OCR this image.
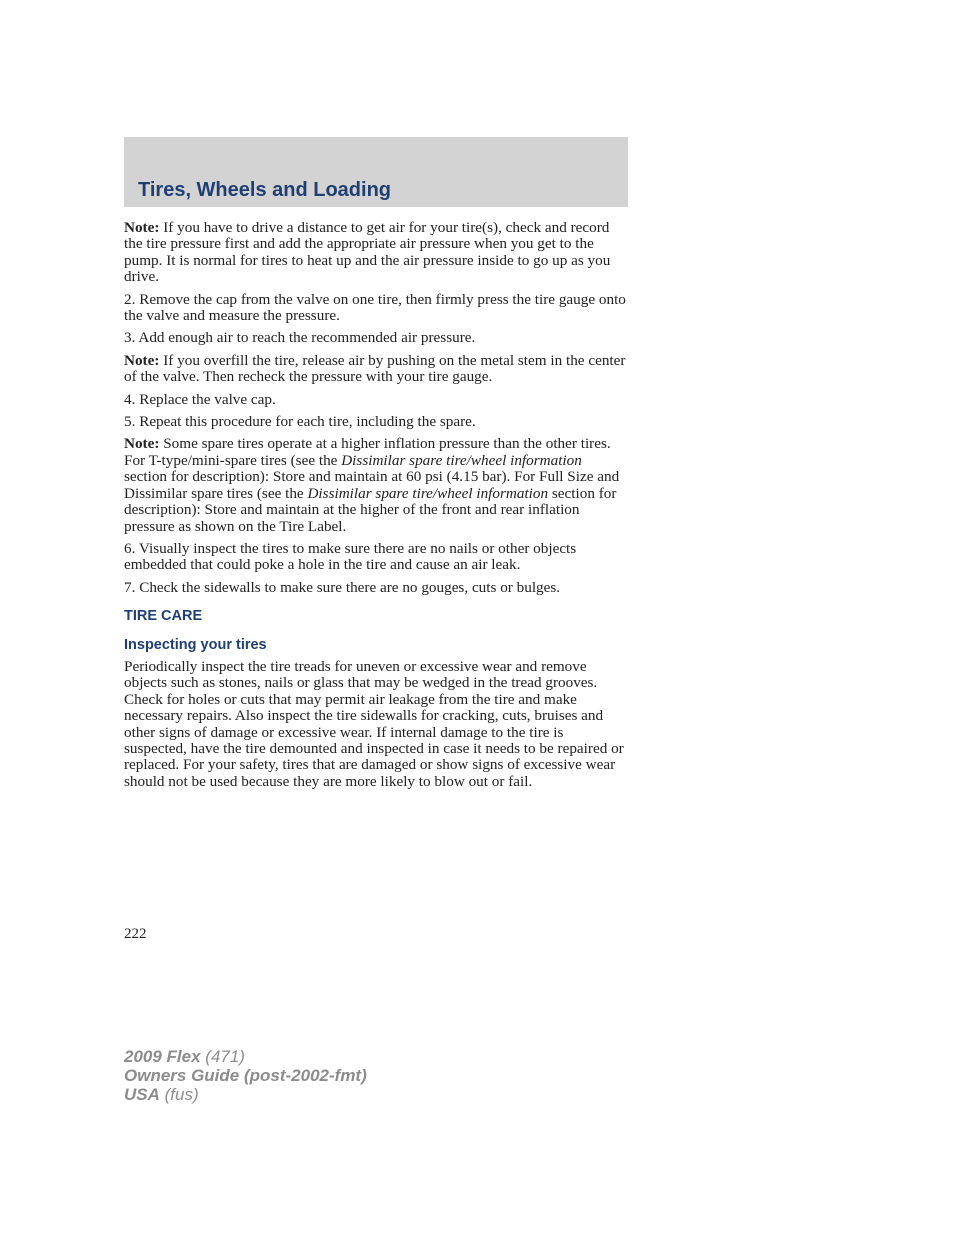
Tires, Wheels and Loading

Note: If you have to drive a distance to get air for your tire(s), check and record the tire pressure first and add the appropriate air pressure when you get to the pump. It is normal for tires to heat up and the air pressure inside to go up as you drive.

2. Remove the cap from the valve on one tire, then firmly press the tire gauge onto the valve and measure the pressure.

3. Add enough air to reach the recommended air pressure.

Note: If you overfill the tire, release air by pushing on the metal stem in the center of the valve. Then recheck the pressure with your tire gauge.

4. Replace the valve cap.

5. Repeat this procedure for each tire, including the spare.

Note: Some spare tires operate at a higher inflation pressure than the other tires. For T-type/mini-spare tires (see the Dissimilar spare tire/wheel information section for description): Store and maintain at 60 psi (4.15 bar). For Full Size and Dissimilar spare tires (see the Dissimilar spare tire/wheel information section for description): Store and maintain at the higher of the front and rear inflation pressure as shown on the Tire Label.

6. Visually inspect the tires to make sure there are no nails or other objects embedded that could poke a hole in the tire and cause an air leak.

7. Check the sidewalls to make sure there are no gouges, cuts or bulges.

TIRE CARE
Inspecting your tires

Periodically inspect the tire treads for uneven or excessive wear and remove objects such as stones, nails or glass that may be wedged in the tread grooves. Check for holes or cuts that may permit air leakage from the tire and make necessary repairs. Also inspect the tire sidewalls for cracking, cuts, bruises and other signs of damage or excessive wear. If internal damage to the tire is suspected, have the tire demounted and inspected in case it needs to be repaired or replaced. For your safety, tires that are damaged or show signs of excessive wear should not be used because they are more likely to blow out or fail.

222
2009 Flex (471)
Owners Guide (post-2002-fmt)
USA (fus)
